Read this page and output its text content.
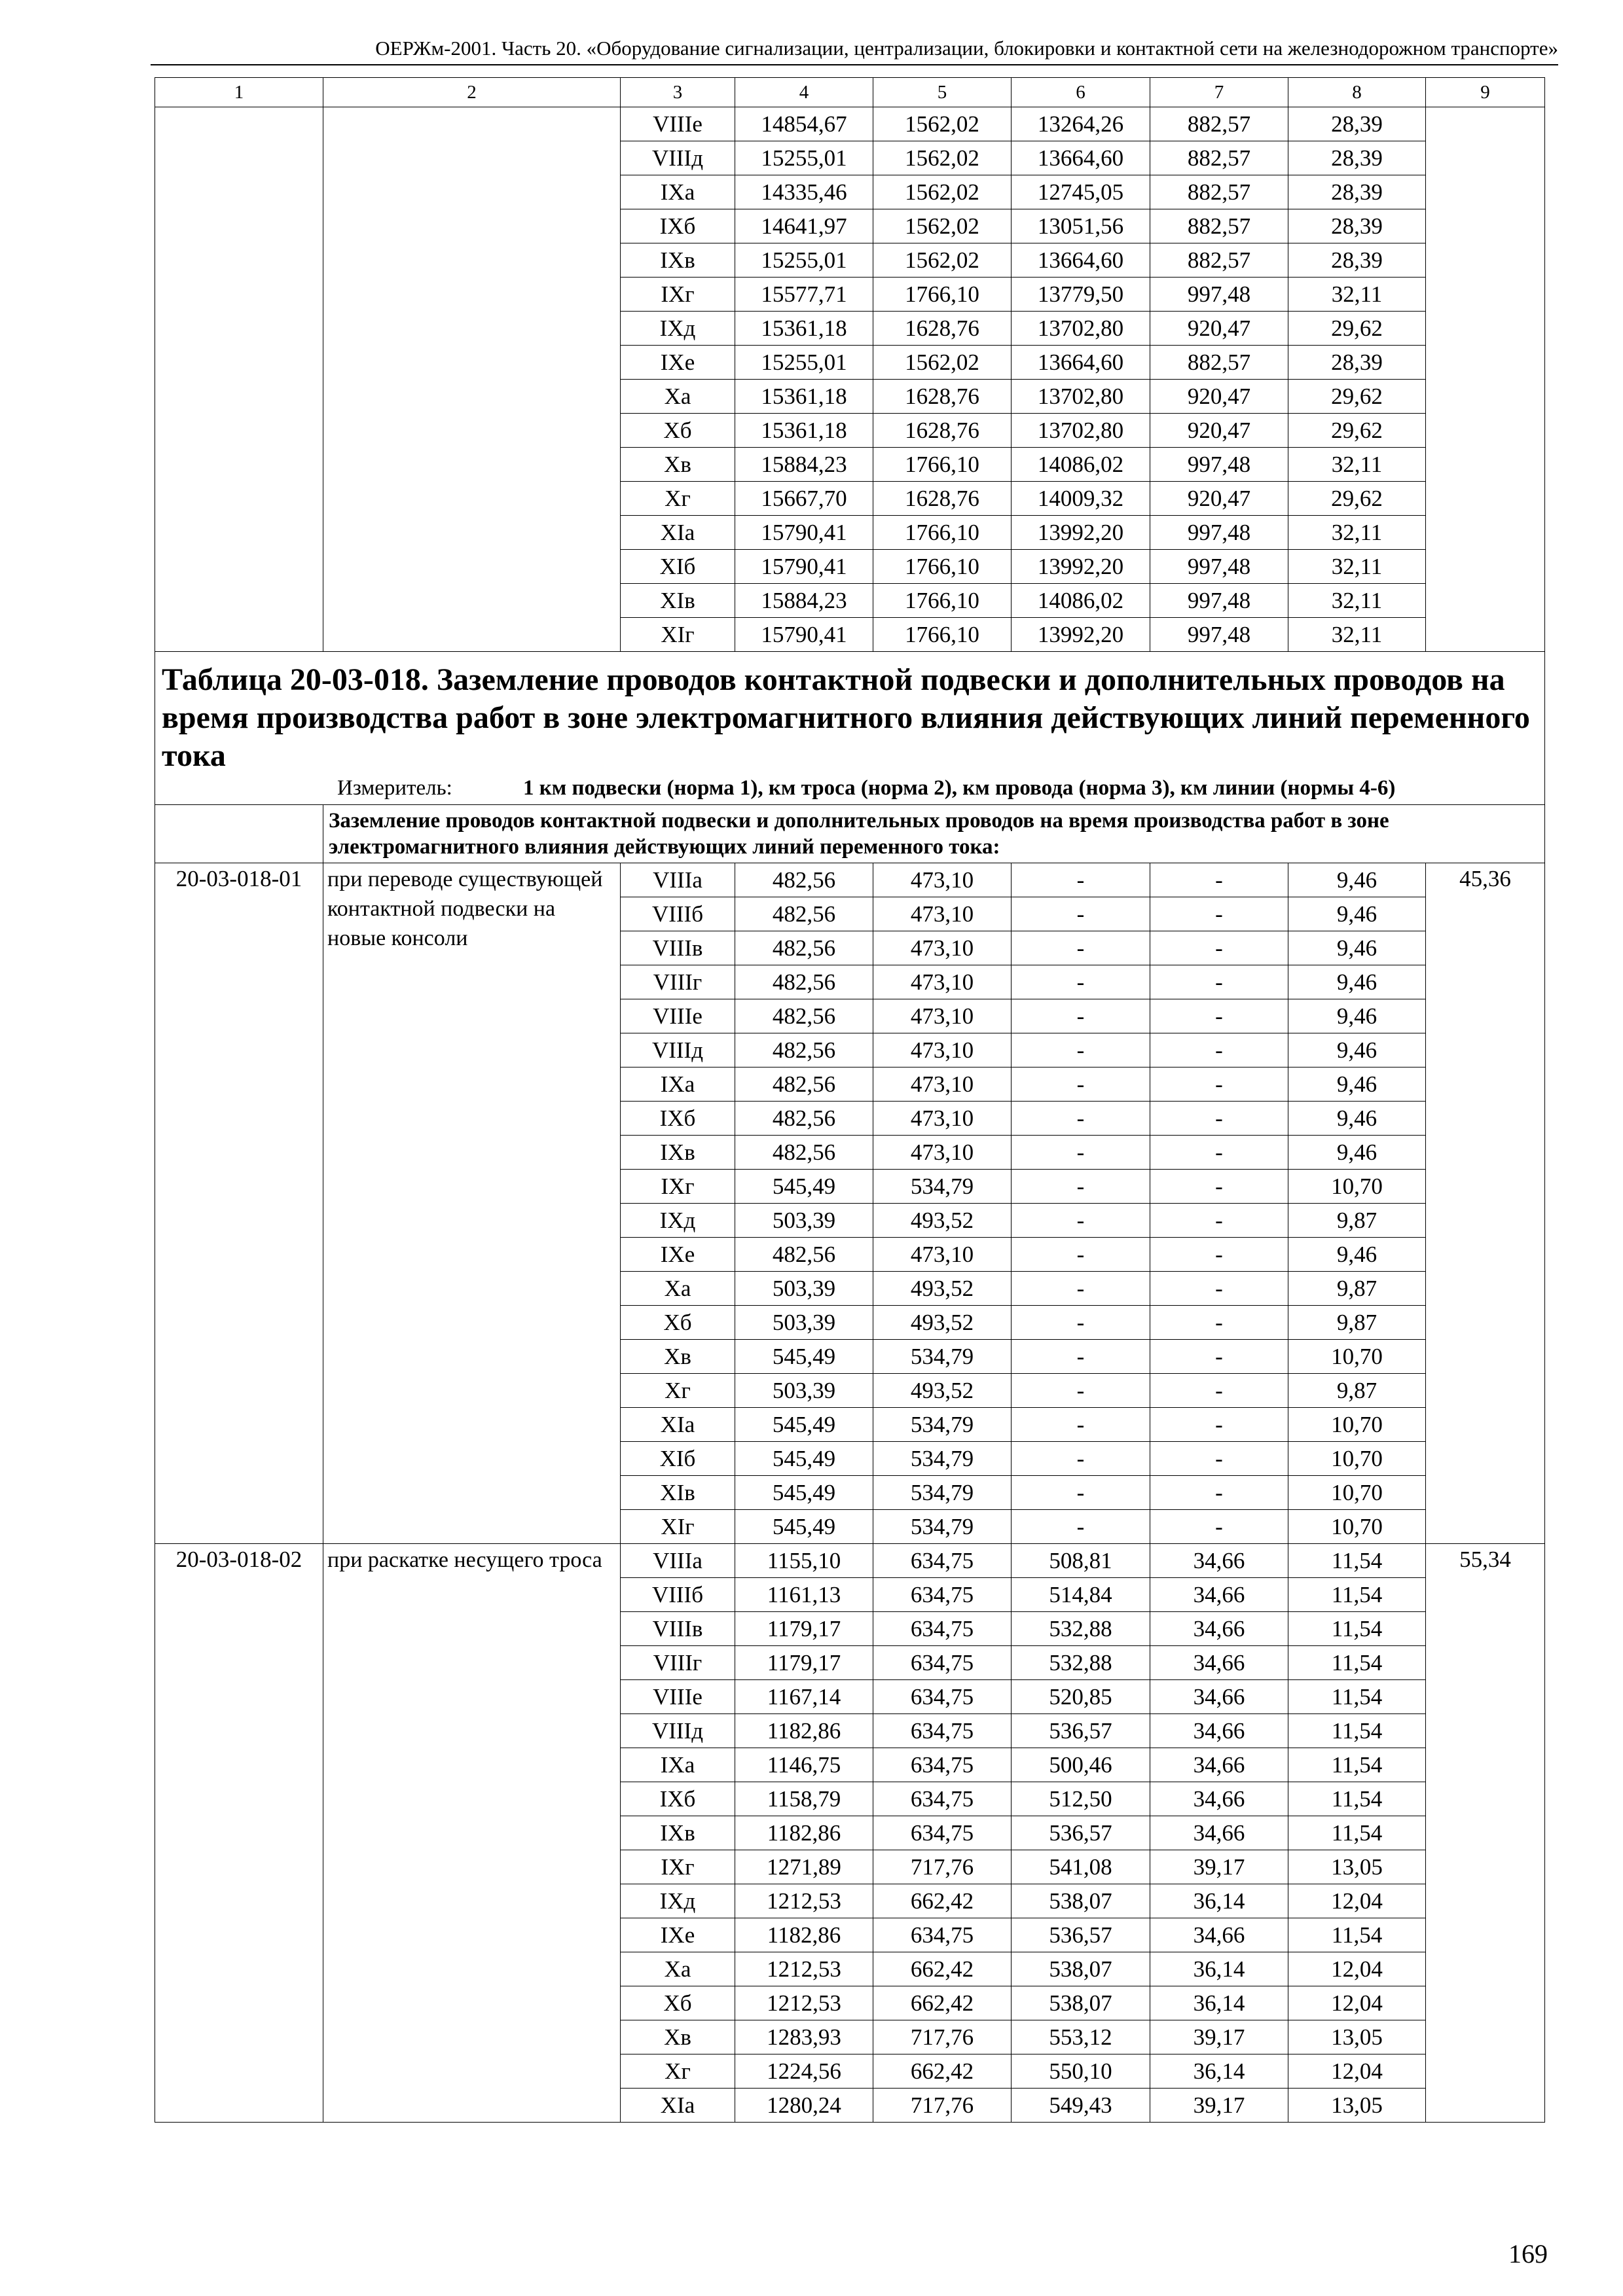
ОЕРЖм-2001. Часть 20. «Оборудование сигнализации, централизации, блокировки и контактной сети на железнодорожном транспорте»
1	2	3	4	5	6	7	8	9
		VIIIe	14854,67	1562,02	13264,26	882,57	28,39	
		VIIIд	15255,01	1562,02	13664,60	882,57	28,39	
		IXa	14335,46	1562,02	12745,05	882,57	28,39	
		IXб	14641,97	1562,02	13051,56	882,57	28,39	
		IXв	15255,01	1562,02	13664,60	882,57	28,39	
		IXг	15577,71	1766,10	13779,50	997,48	32,11	
		IXд	15361,18	1628,76	13702,80	920,47	29,62	
		IXe	15255,01	1562,02	13664,60	882,57	28,39	
		Xa	15361,18	1628,76	13702,80	920,47	29,62	
		Xб	15361,18	1628,76	13702,80	920,47	29,62	
		Xв	15884,23	1766,10	14086,02	997,48	32,11	
		Xг	15667,70	1628,76	14009,32	920,47	29,62	
		XIa	15790,41	1766,10	13992,20	997,48	32,11	
		XIб	15790,41	1766,10	13992,20	997,48	32,11	
		XIв	15884,23	1766,10	14086,02	997,48	32,11	
		XIг	15790,41	1766,10	13992,20	997,48	32,11	

Таблица 20-03-018. Заземление проводов контактной подвески и дополнительных проводов на время производства работ в зоне электромагнитного влияния действующих линий переменного тока
Измеритель: 1 км подвески (норма 1), км троса (норма 2), км провода (норма 3), км линии (нормы 4-6)								

	Заземление проводов контактной подвески и дополнительных проводов на время производства работ в зоне электромагнитного влияния действующих линий переменного тока:							
20-03-018-01	при переводе существующей контактной подвески на новые консоли	VIIIa	482,56	473,10	-	-	9,46	45,36
		VIIIб	482,56	473,10	-	-	9,46	
		VIIIв	482,56	473,10	-	-	9,46	
		VIIIг	482,56	473,10	-	-	9,46	
		VIIIe	482,56	473,10	-	-	9,46	
		VIIIд	482,56	473,10	-	-	9,46	
		IXa	482,56	473,10	-	-	9,46	
		IXб	482,56	473,10	-	-	9,46	
		IXв	482,56	473,10	-	-	9,46	
		IXг	545,49	534,79	-	-	10,70	
		IXд	503,39	493,52	-	-	9,87	
		IXe	482,56	473,10	-	-	9,46	
		Xa	503,39	493,52	-	-	9,87	
		Xб	503,39	493,52	-	-	9,87	
		Xв	545,49	534,79	-	-	10,70	
		Xг	503,39	493,52	-	-	9,87	
		XIa	545,49	534,79	-	-	10,70	
		XIб	545,49	534,79	-	-	10,70	
		XIв	545,49	534,79	-	-	10,70	
		XIг	545,49	534,79	-	-	10,70	
20-03-018-02	при раскатке несущего троса	VIIIa	1155,10	634,75	508,81	34,66	11,54	55,34
		VIIIб	1161,13	634,75	514,84	34,66	11,54	
		VIIIв	1179,17	634,75	532,88	34,66	11,54	
		VIIIг	1179,17	634,75	532,88	34,66	11,54	
		VIIIe	1167,14	634,75	520,85	34,66	11,54	
		VIIIд	1182,86	634,75	536,57	34,66	11,54	
		IXa	1146,75	634,75	500,46	34,66	11,54	
		IXб	1158,79	634,75	512,50	34,66	11,54	
		IXв	1182,86	634,75	536,57	34,66	11,54	
		IXг	1271,89	717,76	541,08	39,17	13,05	
		IXд	1212,53	662,42	538,07	36,14	12,04	
		IXe	1182,86	634,75	536,57	34,66	11,54	
		Xa	1212,53	662,42	538,07	36,14	12,04	
		Xб	1212,53	662,42	538,07	36,14	12,04	
		Xв	1283,93	717,76	553,12	39,17	13,05	
		Xг	1224,56	662,42	550,10	36,14	12,04	
		XIa	1280,24	717,76	549,43	39,17	13,05	
169
